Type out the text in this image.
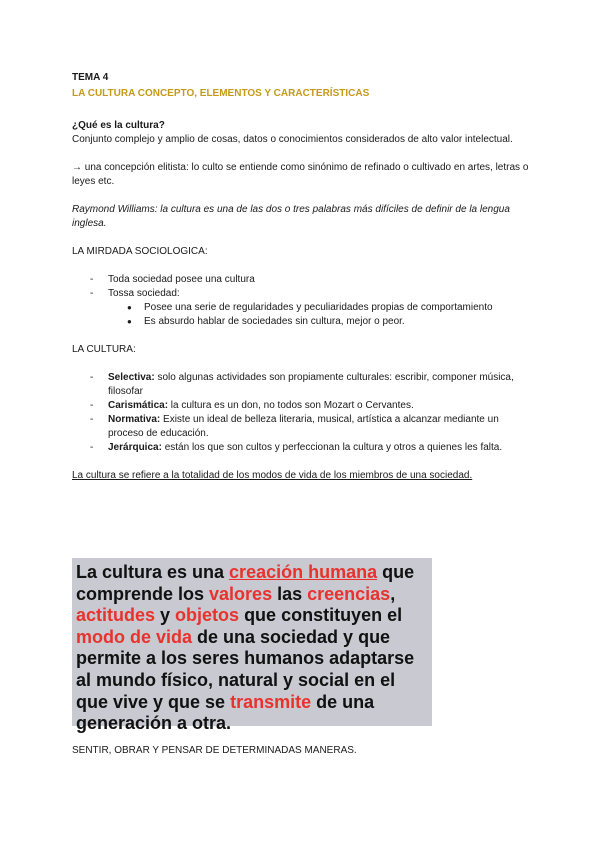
TEMA 4
LA CULTURA CONCEPTO, ELEMENTOS Y CARACTERÍSTICAS
¿Qué es la cultura?

Conjunto complejo y amplio de cosas, datos o conocimientos considerados de alto valor intelectual.

→ una concepción elitista: lo culto se entiende como sinónimo de refinado o cultivado en artes, letras o leyes etc.

Raymond Williams: la cultura es una de las dos o tres palabras más difíciles de definir de la lengua inglesa.

LA MIRDADA SOCIOLOGICA:

- Toda sociedad posee una cultura
- Tossa sociedad:
● Posee una serie de regularidades y peculiaridades propias de comportamiento
● Es absurdo hablar de sociedades sin cultura, mejor o peor.

LA CULTURA:

- Selectiva: solo algunas actividades son propiamente culturales: escribir, componer música, filosofar
- Carismática: la cultura es un don, no todos son Mozart o Cervantes.
- Normativa: Existe un ideal de belleza literaria, musical, artística a alcanzar mediante un proceso de educación.
- Jerárquica: están los que son cultos y perfeccionan la cultura y otros a quienes les falta.

La cultura se refiere a la totalidad de los modos de vida de los miembros de una sociedad.

La cultura es una creación humana que comprende los valores las creencias, actitudes y objetos que constituyen el modo de vida de una sociedad y que permite a los seres humanos adaptarse al mundo físico, natural y social en el que vive y que se transmite de una generación a otra.
SENTIR, OBRAR Y PENSAR DE DETERMINADAS MANERAS.
